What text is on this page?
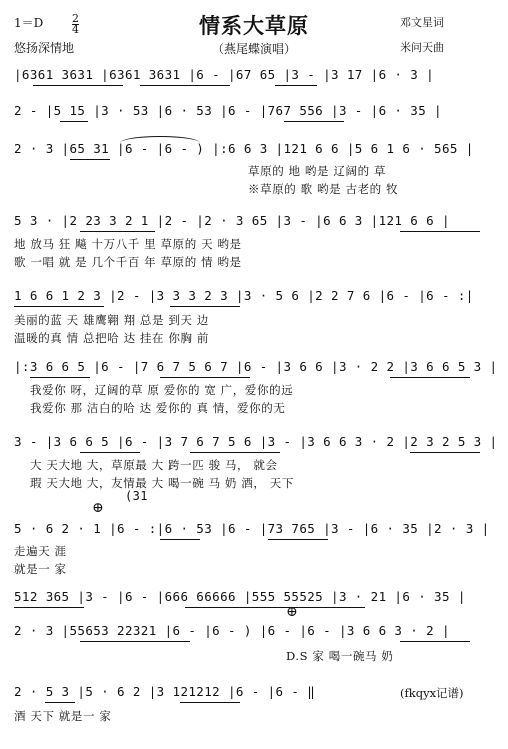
情系大草原
（燕尾蝶演唱）
1＝D	$\frac{2}{4}$
悠扬深情地
邓文星词
米问天曲
|6361 3631 |6361 3631 |6 - |67 65 |3 - |3 17 |6 · 3 |
2 - |5 15 |3 · 53 |6 · 53 |6 - |767 556 |3 - |6 · 35 |
2 · 3 |65 31 |6 - |6 - ) |:6 6 3 |121 6 6 |5 6 1 6 · 565 |
草原的 地 哟是 辽阔的 草
※草原的 歌 哟是 古老的 牧
5 3 · |2 23 3 2 1 |2 - |2 · 3 65 |3 - |6 6 3 |121 6 6 |
地 放马 狂 飚 十万八千 里 草原的 天 哟是
歌 一唱 就 是 几个千百 年 草原的 情 哟是
1 6 6 1 2 3 |2 - |3 3 3 2 3 |3 · 5 6 |2 2 7 6 |6 - |6 - :|
美丽的蓝 天 雄鹰翱 翔 总是 到天 边
温暖的真 情 总把哈 达 挂在 你胸 前
|:3 6 6 5 |6 - |7 6 7 5 6 7 |6 - |3 6 6 |3 · 2 2 |3 6 6 5 3 |
我爱你 呀，辽阔的草 原 爱你的 宽 广，爱你的远
我爱你 那 洁白的哈 达 爱你的 真 情，爱你的无
3 - |3 6 6 5 |6 - |3 7 6 7 5 6 |3 - |3 6 6 3 · 2 |2 3 2 5 3 |
大 天大地 大，草原最 大 跨一匹 骏 马， 就会
瑕 天大地 大，友情最 大 喝一碗 马 奶 酒， 天下
(31
⊕
5 · 6 2 · 1 |6 - :|6 · 53 |6 - |73 765 |3 - |6 · 35 |2 · 3 |
走遍天 涯
就是一 家
512 365 |3 - |6 - |666 66666 |555 55525 |3 · 21 |6 · 35 |
⊕
2 · 3 |55653 22321 |6 - |6 - ) |6 - |6 - |3 6 6 3 · 2 |
D.S 家 喝一碗马 奶
2 · 5 3 |5 · 6 2 |3 121212 |6 - |6 - ‖	(fkqyx记谱)
酒 天下 就是一 家
